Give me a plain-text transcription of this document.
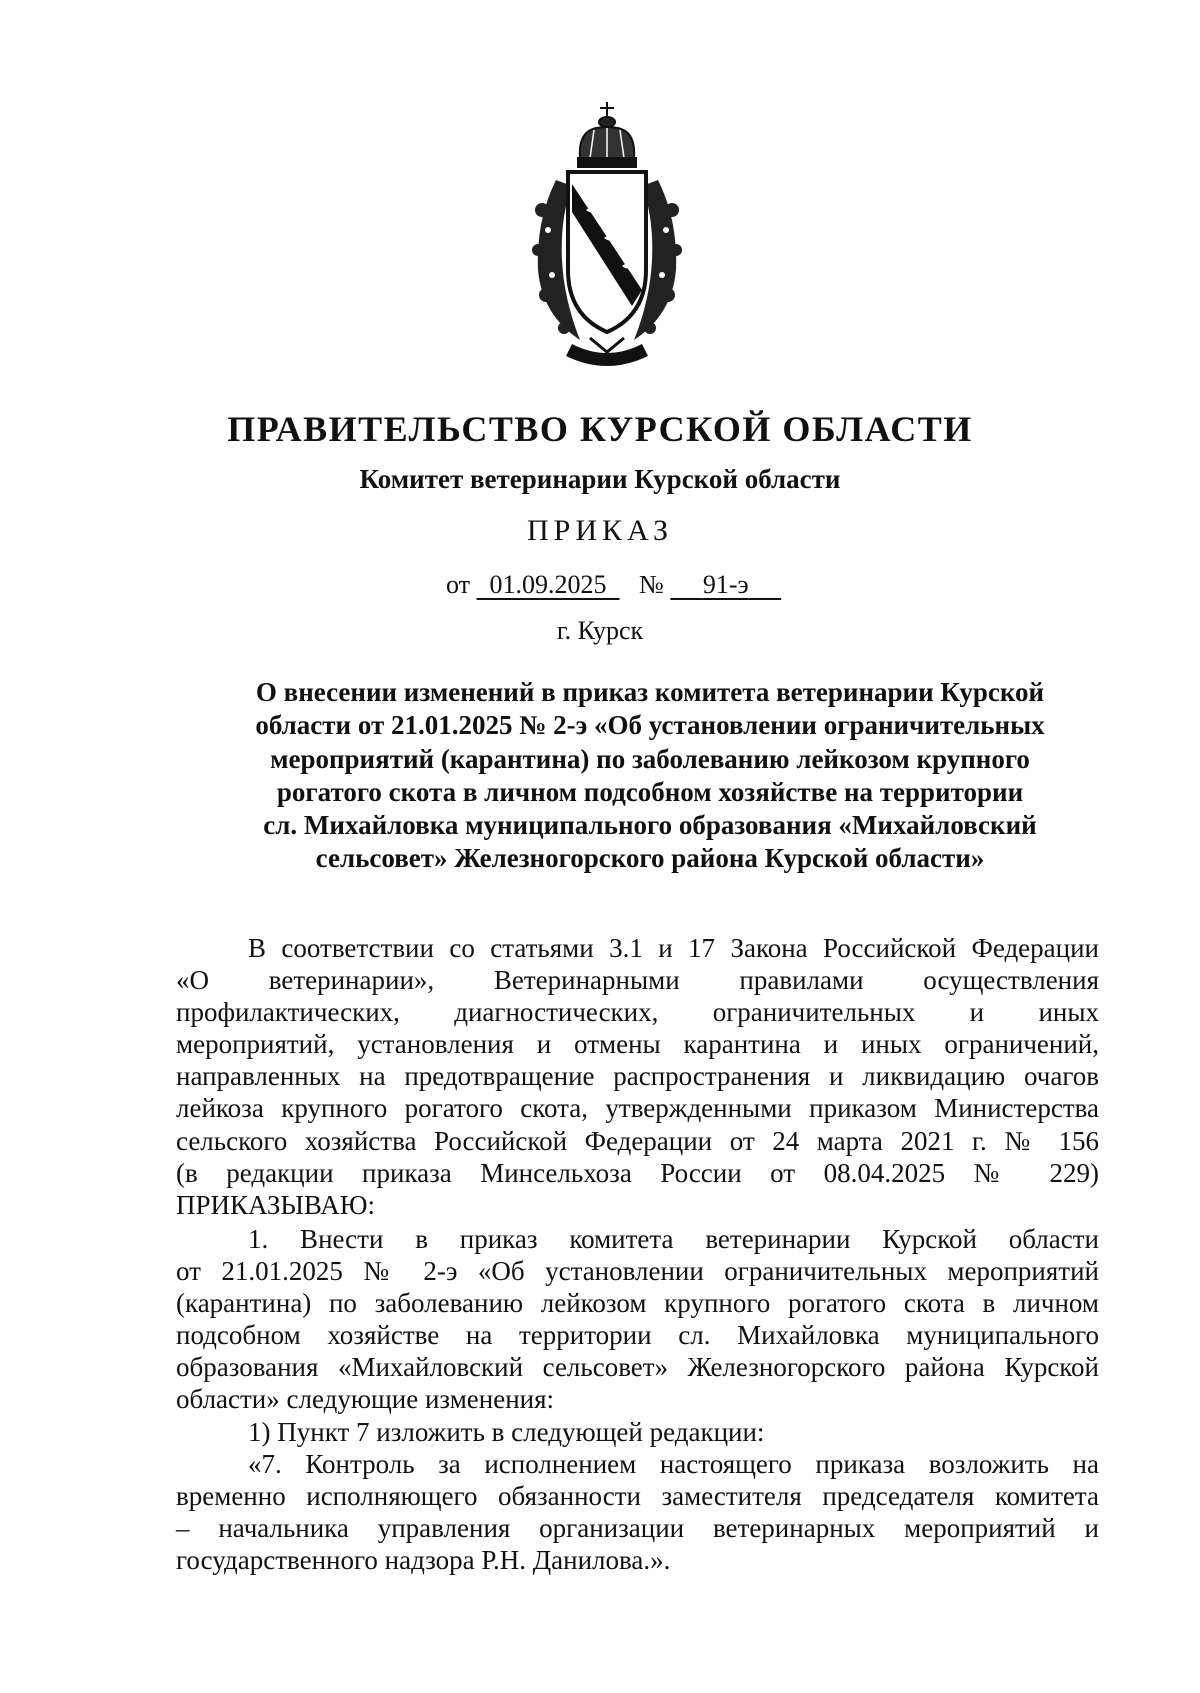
ПРАВИТЕЛЬСТВО КУРСКОЙ ОБЛАСТИ
Комитет ветеринарии Курской области
ПРИКАЗ
от 01.09.2025 № 91-э
г. Курск
О внесении изменений в приказ комитета ветеринарии Курской
области от 21.01.2025 № 2-э «Об установлении ограничительных
мероприятий (карантина) по заболеванию лейкозом крупного
рогатого скота в личном подсобном хозяйстве на территории
сл. Михайловка муниципального образования «Михайловский
сельсовет» Железногорского района Курской области»

В соответствии со статьями 3.1 и 17 Закона Российской Федерации

«О ветеринарии», Ветеринарными правилами осуществления

профилактических, диагностических, ограничительных и иных

мероприятий, установления и отмены карантина и иных ограничений,

направленных на предотвращение распространения и ликвидацию очагов

лейкоза крупного рогатого скота, утвержденными приказом Министерства

сельского хозяйства Российской Федерации от 24 марта 2021 г. № 156

(в редакции приказа Минсельхоза России от 08.04.2025 № 229)

ПРИКАЗЫВАЮ:

1. Внести в приказ комитета ветеринарии Курской области

от 21.01.2025 № 2-э «Об установлении ограничительных мероприятий

(карантина) по заболеванию лейкозом крупного рогатого скота в личном

подсобном хозяйстве на территории сл. Михайловка муниципального

образования «Михайловский сельсовет» Железногорского района Курской

области» следующие изменения:

1) Пункт 7 изложить в следующей редакции:

«7. Контроль за исполнением настоящего приказа возложить на

временно исполняющего обязанности заместителя председателя комитета

– начальника управления организации ветеринарных мероприятий и

государственного надзора Р.Н. Данилова.».
